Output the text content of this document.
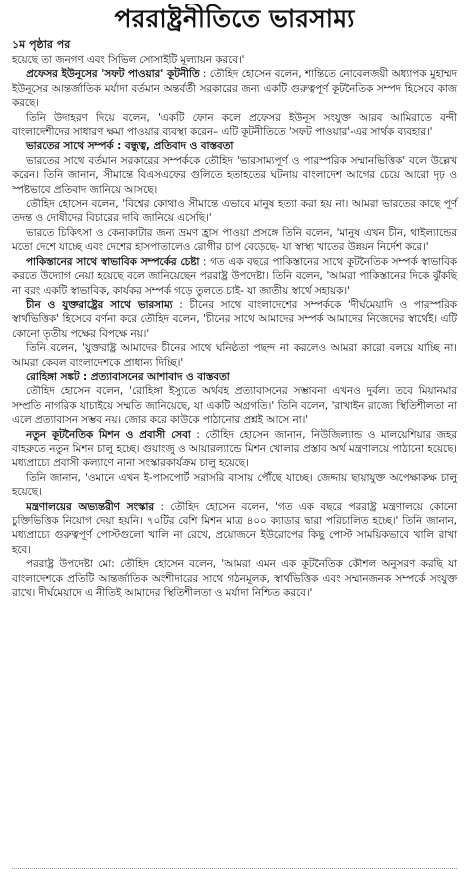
পররাষ্ট্রনীতিতে ভারসাম্য
১ম পৃষ্ঠার পর

হয়েছে তা জনগণ এবং সিভিল সোসাইটি মূল্যায়ন করবে।'

প্রফেসর ইউনূসের 'সফট পাওয়ার' কূটনীতি : তৌহিদ হোসেন বলেন, শান্তিতে নোবেলজয়ী অধ্যাপক মুহাম্মদ ইউনূসের আন্তর্জাতিক মর্যাদা বর্তমান অন্তর্বর্তী সরকারের জন্য একটি গুরুত্বপূর্ণ কূটনৈতিক সম্পদ হিসেবে কাজ করছে।

তিনি উদাহরণ দিয়ে বলেন, 'একটি ফোন কলে প্রফেসর ইউনূস সংযুক্ত আরব আমিরাতে বন্দী বাংলাদেশীদের সাধারণ ক্ষমা পাওয়ার ব্যবস্থা করেন– এটি কূটনীতিতে 'সফট পাওয়ার'-এর সার্থক ব্যবহার।'

ভারতের সাথে সম্পর্ক : বন্ধুত্ব, প্রতিবাদ ও বাস্তবতা

ভারতের সাথে বর্তমান সরকারের সম্পর্ককে তৌহিদ 'ভারসাম্যপূর্ণ ও পারস্পরিক সম্মানভিত্তিক' বলে উল্লেখ করেন। তিনি জানান, সীমান্তে বিএসএফের গুলিতে হতাহতের ঘটনায় বাংলাদেশ আগের চেয়ে আরো দৃঢ় ও স্পষ্টভাবে প্রতিবাদ জানিয়ে আসছে।

তৌহিদ হোসেন বলেন, 'বিশ্বের কোথাও সীমান্তে এভাবে মানুষ হত্যা করা হয় না। আমরা ভারতের কাছে পূর্ণ তদন্ত ও দোষীদের বিচারের দাবি জানিয়ে এসেছি।'

ভারতে চিকিৎসা ও কেনাকাটার জন্য ভ্রমণ হ্রাস পাওয়া প্রসঙ্গে তিনি বলেন, 'মানুষ এখন চীন, থাইল্যান্ডের মতো দেশে যাচ্ছে এবং দেশের হাসপাতালেও রোগীর চাপ বেড়েছে- যা স্বাস্থ্য খাতের উন্নয়ন নির্দেশ করে।'

পাকিস্তানের সাথে স্বাভাবিক সম্পর্কের চেষ্টা : গত এক বছরে পাকিস্তানের সাথে কূটনৈতিক সম্পর্ক স্বাভাবিক করতে উদ্যোগ নেয়া হয়েছে বলে জানিয়েছেন পররাষ্ট্র উপদেষ্টা। তিনি বলেন, 'আমরা পাকিস্তানের দিকে ঝুঁকছি না বরং একটি স্বাভাবিক, কার্যকর সম্পর্ক গড়ে তুলতে চাই- যা জাতীয় স্বার্থে সহায়ক।'

চীন ও যুক্তরাষ্ট্রের সাথে ভারসাম্য : চীনের সাথে বাংলাদেশের সম্পর্ককে 'দীর্ঘমেয়াদি ও পারস্পরিক স্বার্থভিত্তিক' হিসেবে বর্ণনা করে তৌহিদ বলেন, 'চীনের সাথে আমাদের সম্পর্ক আমাদের নিজেদের স্বার্থেই। এটি কোনো তৃতীয় পক্ষের বিপক্ষে নয়।'

তিনি বলেন, 'যুক্তরাষ্ট্র আমাদের চীনের সাথে ঘনিষ্ঠতা পছন্দ না করলেও আমরা কারো বলয়ে যাচ্ছি না। আমরা কেবল বাংলাদেশকে প্রাধান্য দিচ্ছি।'

রোহিঙ্গা সঙ্কট : প্রত্যাবাসনের আশাবাদ ও বাস্তবতা

তৌহিদ হোসেন বলেন, 'রোহিঙ্গা ইস্যুতে অর্থবহ প্রত্যাবাসনের সম্ভাবনা এখনও দুর্বল। তবে মিয়ানমার সম্প্রতি নাগরিক যাচাইয়ে সম্মতি জানিয়েছে, যা একটি অগ্রগতি।' তিনি বলেন, 'রাখাইন রাজ্যে স্থিতিশীলতা না এলে প্রত্যাবাসন সম্ভব নয়। জোর করে কাউকে পাঠানোর প্রশ্নই আসে না।'

নতুন কূটনৈতিক মিশন ও প্রবাসী সেবা : তৌহিদ হোসেন জানান, নিউজিল্যান্ড ও মালয়েশিয়ার জহর বাহরুতে নতুন মিশন চালু হচ্ছে। গুয়াংজু ও আয়ারল্যান্ডে মিশন খোলার প্রস্তাব অর্থ মন্ত্রণালয়ে পাঠানো হয়েছে। মধ্যপ্রাচ্যে প্রবাসী কল্যাণে নানা সংস্কারকার্যক্রম চালু হয়েছে।

তিনি জানান, 'ওমানে এখন ই-পাসপোর্ট সরাসরি বাসায় পৌঁছে যাচ্ছে। জেদ্দায় ছায়াযুক্ত অপেক্ষাকক্ষ চালু হয়েছে।

মন্ত্রণালয়ের অভ্যন্তরীণ সংস্কার : তৌহিদ হোসেন বলেন, 'গত এক বছরে পররাষ্ট্র মন্ত্রণালয়ে কোনো চুক্তিভিত্তিক নিয়োগ দেয়া হয়নি। ৭০টির বেশি মিশন মাত্র ৪০০ ক্যাডার দ্বারা পরিচালিত হচ্ছে।' তিনি জানান, মধ্যপ্রাচ্যে গুরুত্বপূর্ণ পোস্টগুলো খালি না রেখে, প্রয়োজনে ইউরোপের কিছু পোস্ট সাময়িকভাবে খালি রাখা হবে।

পররাষ্ট্র উপদেষ্টা মো: তৌহিদ হোসেন বলেন, 'আমরা এমন এক কূটনৈতিক কৌশল অনুসরণ করছি যা বাংলাদেশকে প্রতিটি আন্তর্জাতিক অংশীদারের সাথে গঠনমূলক, স্বার্থভিত্তিক এবং সম্মানজনক সম্পর্কে সংযুক্ত রাখে। দীর্ঘমেয়াদে এ নীতিই আমাদের স্থিতিশীলতা ও মর্যাদা নিশ্চিত করবে।'
